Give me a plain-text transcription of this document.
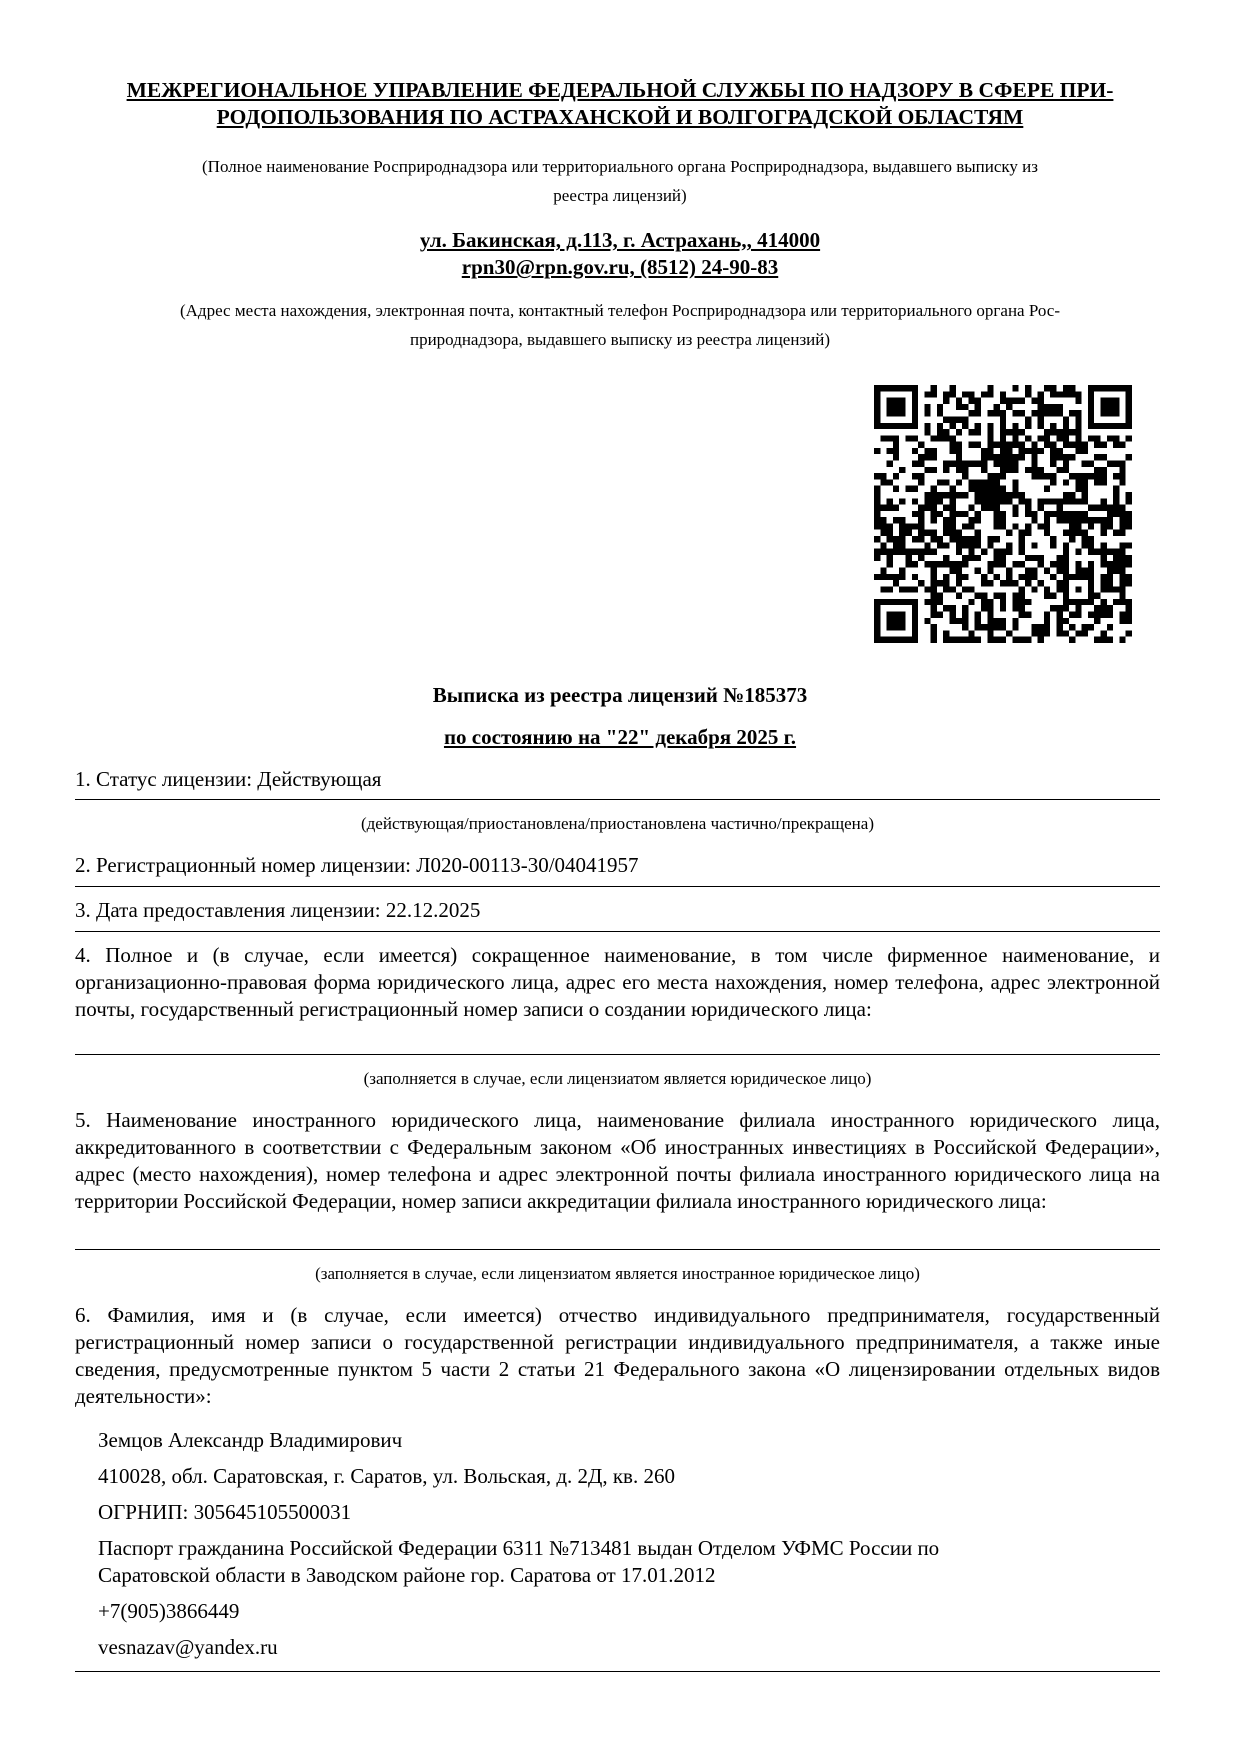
МЕЖРЕГИОНАЛЬНОЕ УПРАВЛЕНИЕ ФЕДЕРАЛЬНОЙ СЛУЖБЫ ПО НАДЗОРУ В СФЕРЕ ПРИ-
РОДОПОЛЬЗОВАНИЯ ПО АСТРАХАНСКОЙ И ВОЛГОГРАДСКОЙ ОБЛАСТЯМ
(Полное наименование Росприроднадзора или территориального органа Росприроднадзора, выдавшего выписку из
реестра лицензий)
ул. Бакинская, д.113, г. Астрахань,, 414000
rpn30@rpn.gov.ru, (8512) 24-90-83
(Адрес места нахождения, электронная почта, контактный телефон Росприроднадзора или территориального органа Рос-
природнадзора, выдавшего выписку из реестра лицензий)
Выписка из реестра лицензий №185373
по состоянию на "22" декабря 2025 г.
1. Статус лицензии: Действующая
(действующая/приостановлена/приостановлена частично/прекращена)
2. Регистрационный номер лицензии: Л020-00113-30/04041957
3. Дата предоставления лицензии: 22.12.2025
4. Полное и (в случае, если имеется) сокращенное наименование, в том числе фирменное наименование, и организационно-правовая форма юридического лица, адрес его места нахождения, номер телефона, адрес электронной почты, государственный регистрационный номер записи о создании юридического лица:
(заполняется в случае, если лицензиатом является юридическое лицо)
5. Наименование иностранного юридического лица, наименование филиала иностранного юридического лица, аккредитованного в соответствии с Федеральным законом «Об иностранных инвестициях в Российской Федерации», адрес (место нахождения), номер телефона и адрес электронной почты филиала иностранного юридического лица на территории Российской Федерации, номер записи аккредитации филиала иностранного юридического лица:
(заполняется в случае, если лицензиатом является иностранное юридическое лицо)
6. Фамилия, имя и (в случае, если имеется) отчество индивидуального предпринимателя, государственный регистрационный номер записи о государственной регистрации индивидуального предпринимателя, а также иные сведения, предусмотренные пунктом 5 части 2 статьи 21 Федерального закона «О лицензировании отдельных видов деятельности»:
Земцов Александр Владимирович
410028, обл. Саратовская, г. Саратов, ул. Вольская, д. 2Д, кв. 260
ОГРНИП: 305645105500031
Паспорт гражданина Российской Федерации 6311 №713481 выдан Отделом УФМС России по
Саратовской области в Заводском районе гор. Саратова от 17.01.2012
+7(905)3866449
vesnazav@yandex.ru
